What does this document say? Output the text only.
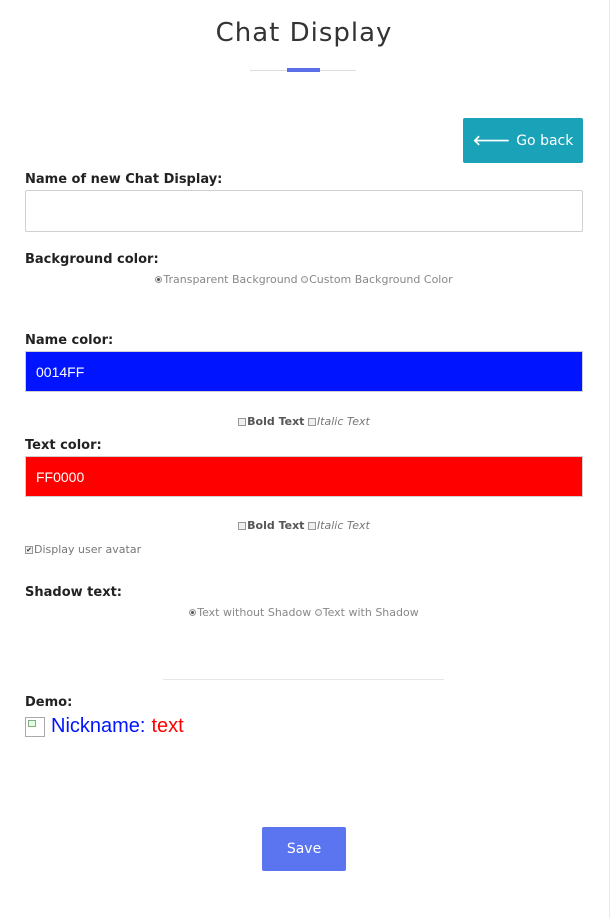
Chat Display
🡐 Go back
Name of new Chat Display:
Background color:
Transparent Background
Custom Background Color
Name color:
0014FF
Bold Text
Italic Text
Text color:
FF0000
Bold Text
Italic Text
✔ Display user avatar
Shadow text:
Text without Shadow
Text with Shadow
Demo:
Nickname: text
Save
